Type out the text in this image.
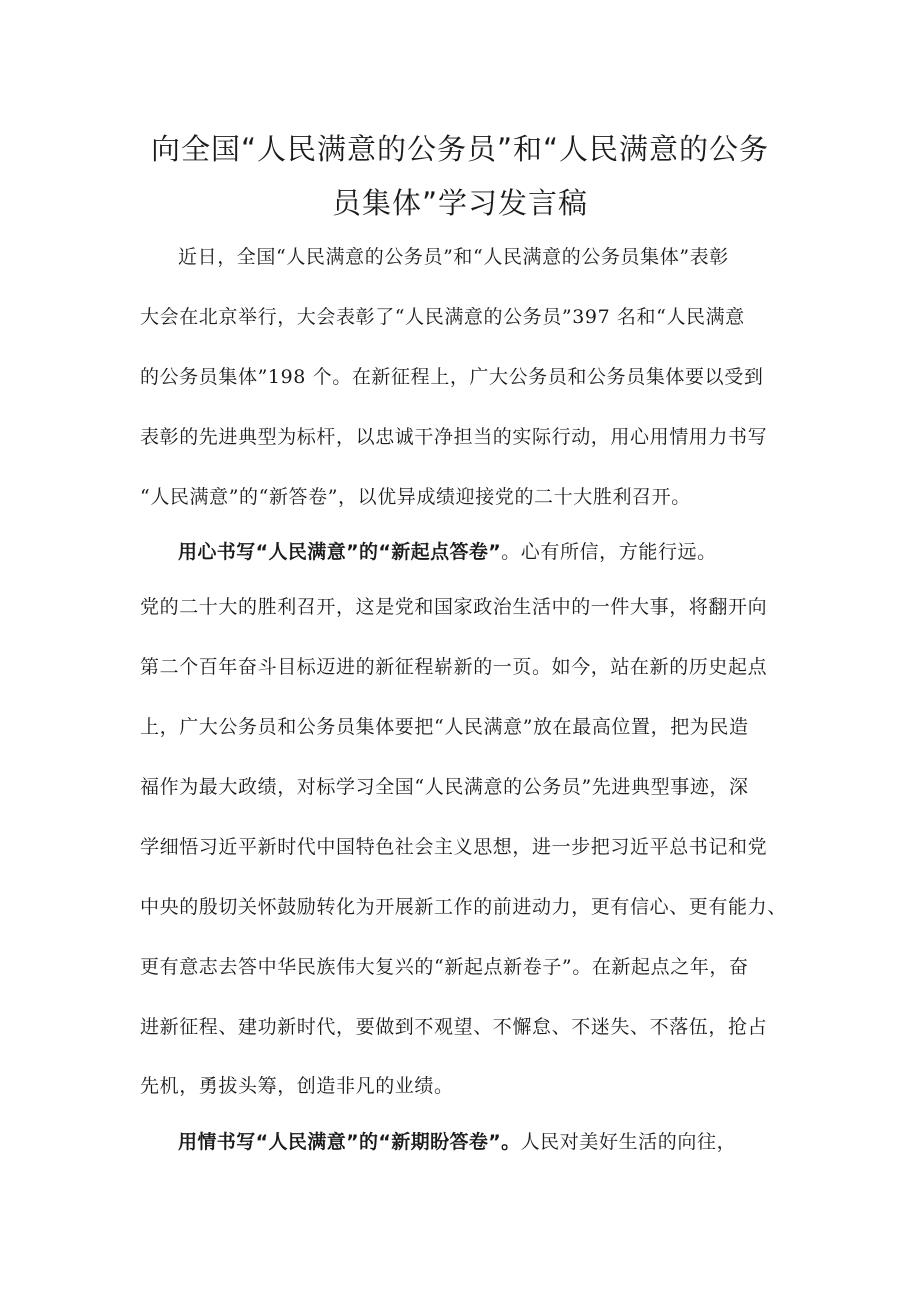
向全国“人民满意的公务员”和“人民满意的公务
员集体”学习发言稿
近日，全国“人民满意的公务员”和“人民满意的公务员集体”表彰
大会在北京举行，大会表彰了“人民满意的公务员”397 名和“人民满意
的公务员集体”198 个。在新征程上，广大公务员和公务员集体要以受到
表彰的先进典型为标杆，以忠诚干净担当的实际行动，用心用情用力书写
“人民满意”的“新答卷”，以优异成绩迎接党的二十大胜利召开。
用心书写“人民满意”的“新起点答卷”。心有所信，方能行远。
党的二十大的胜利召开，这是党和国家政治生活中的一件大事，将翻开向
第二个百年奋斗目标迈进的新征程崭新的一页。如今，站在新的历史起点
上，广大公务员和公务员集体要把“人民满意”放在最高位置，把为民造
福作为最大政绩，对标学习全国“人民满意的公务员”先进典型事迹，深
学细悟习近平新时代中国特色社会主义思想，进一步把习近平总书记和党
中央的殷切关怀鼓励转化为开展新工作的前进动力，更有信心、更有能力、
更有意志去答中华民族伟大复兴的“新起点新卷子”。在新起点之年，奋
进新征程、建功新时代，要做到不观望、不懈怠、不迷失、不落伍，抢占
先机，勇拔头筹，创造非凡的业绩。
用情书写“人民满意”的“新期盼答卷”。人民对美好生活的向往，
